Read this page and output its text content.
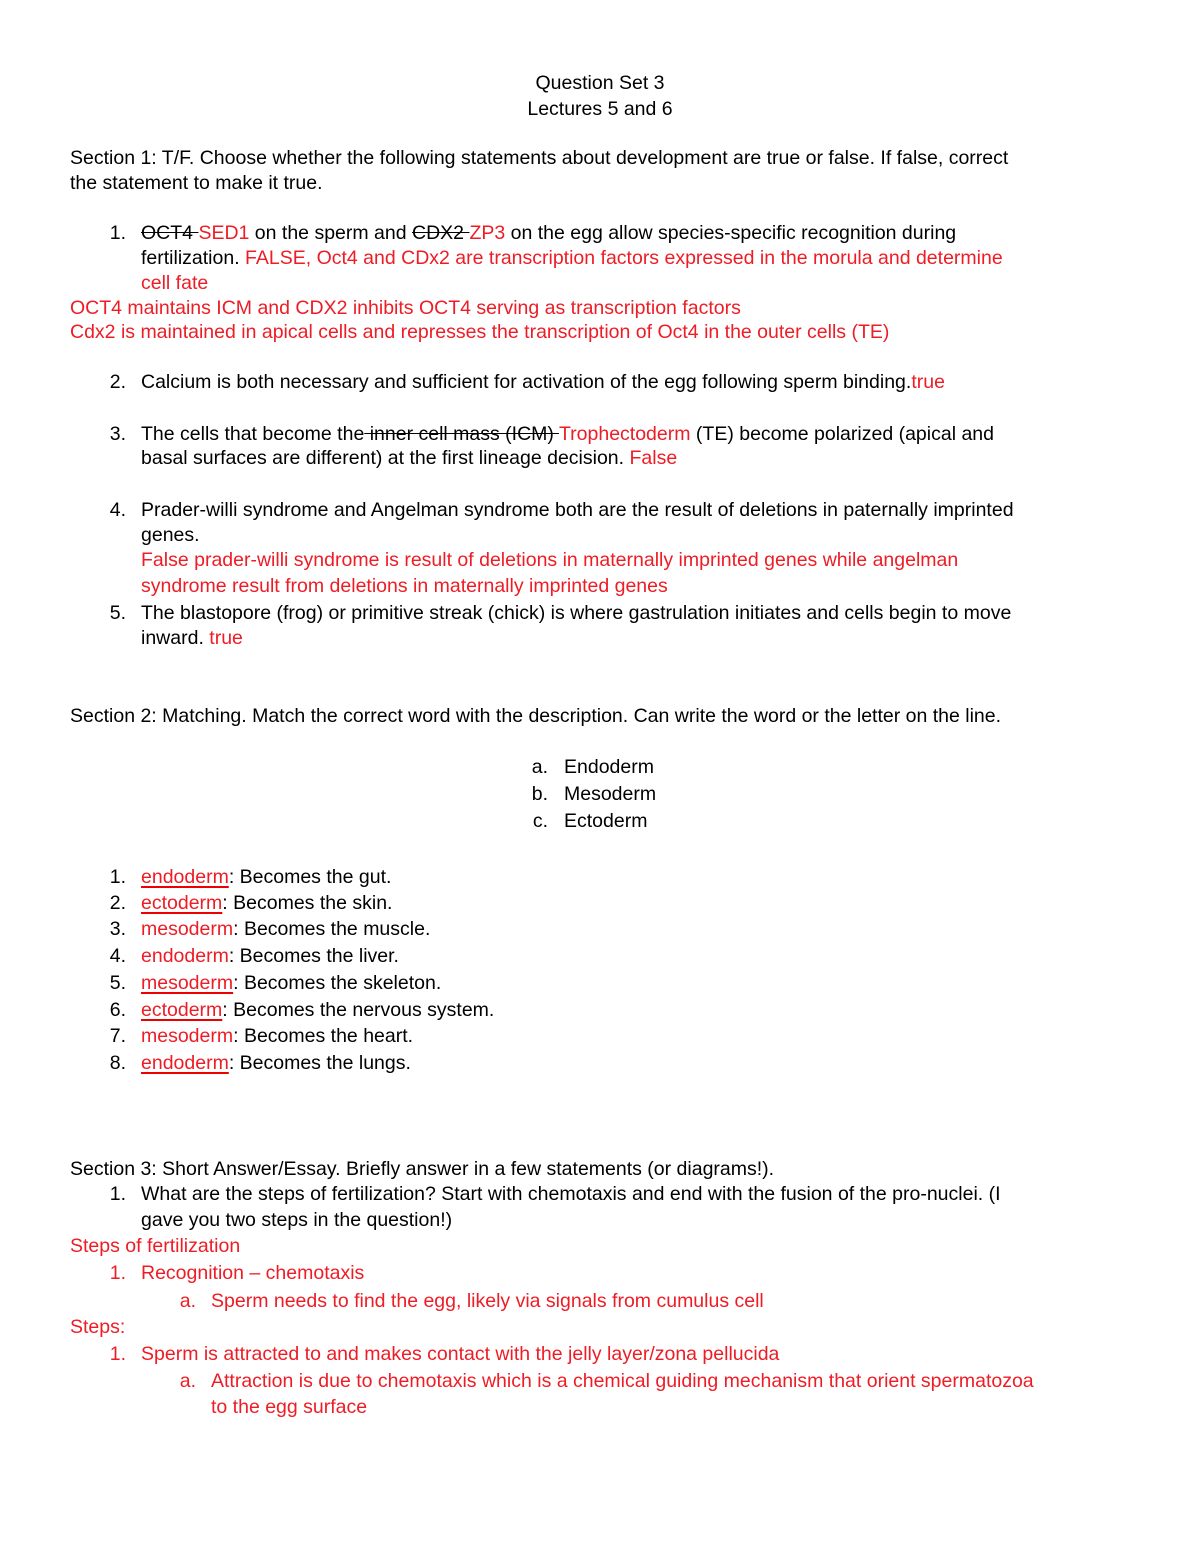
Question Set 3
Lectures 5 and 6
Section 1: T/F. Choose whether the following statements about development are true or false. If false, correct
the statement to make it true.
1. OCT4 SED1 on the sperm and CDX2 ZP3 on the egg allow species-specific recognition during
fertilization. FALSE, Oct4 and CDx2 are transcription factors expressed in the morula and determine
cell fate
OCT4 maintains ICM and CDX2 inhibits OCT4 serving as transcription factors
Cdx2 is maintained in apical cells and represses the transcription of Oct4 in the outer cells (TE)
2. Calcium is both necessary and sufficient for activation of the egg following sperm binding.true
3. The cells that become the inner cell mass (ICM) Trophectoderm (TE) become polarized (apical and
basal surfaces are different) at the first lineage decision. False
4. Prader-willi syndrome and Angelman syndrome both are the result of deletions in paternally imprinted
genes.
False prader-willi syndrome is result of deletions in maternally imprinted genes while angelman
syndrome result from deletions in maternally imprinted genes
5. The blastopore (frog) or primitive streak (chick) is where gastrulation initiates and cells begin to move
inward. true
Section 2: Matching. Match the correct word with the description. Can write the word or the letter on the line.
a. Endoderm
b. Mesoderm
c. Ectoderm
1. endoderm: Becomes the gut.
2. ectoderm: Becomes the skin.
3. mesoderm: Becomes the muscle.
4. endoderm: Becomes the liver.
5. mesoderm: Becomes the skeleton.
6. ectoderm: Becomes the nervous system.
7. mesoderm: Becomes the heart.
8. endoderm: Becomes the lungs.
Section 3: Short Answer/Essay. Briefly answer in a few statements (or diagrams!).
1. What are the steps of fertilization? Start with chemotaxis and end with the fusion of the pro-nuclei. (I
gave you two steps in the question!)
Steps of fertilization
1. Recognition – chemotaxis
a. Sperm needs to find the egg, likely via signals from cumulus cell
Steps:
1. Sperm is attracted to and makes contact with the jelly layer/zona pellucida
a. Attraction is due to chemotaxis which is a chemical guiding mechanism that orient spermatozoa
to the egg surface
